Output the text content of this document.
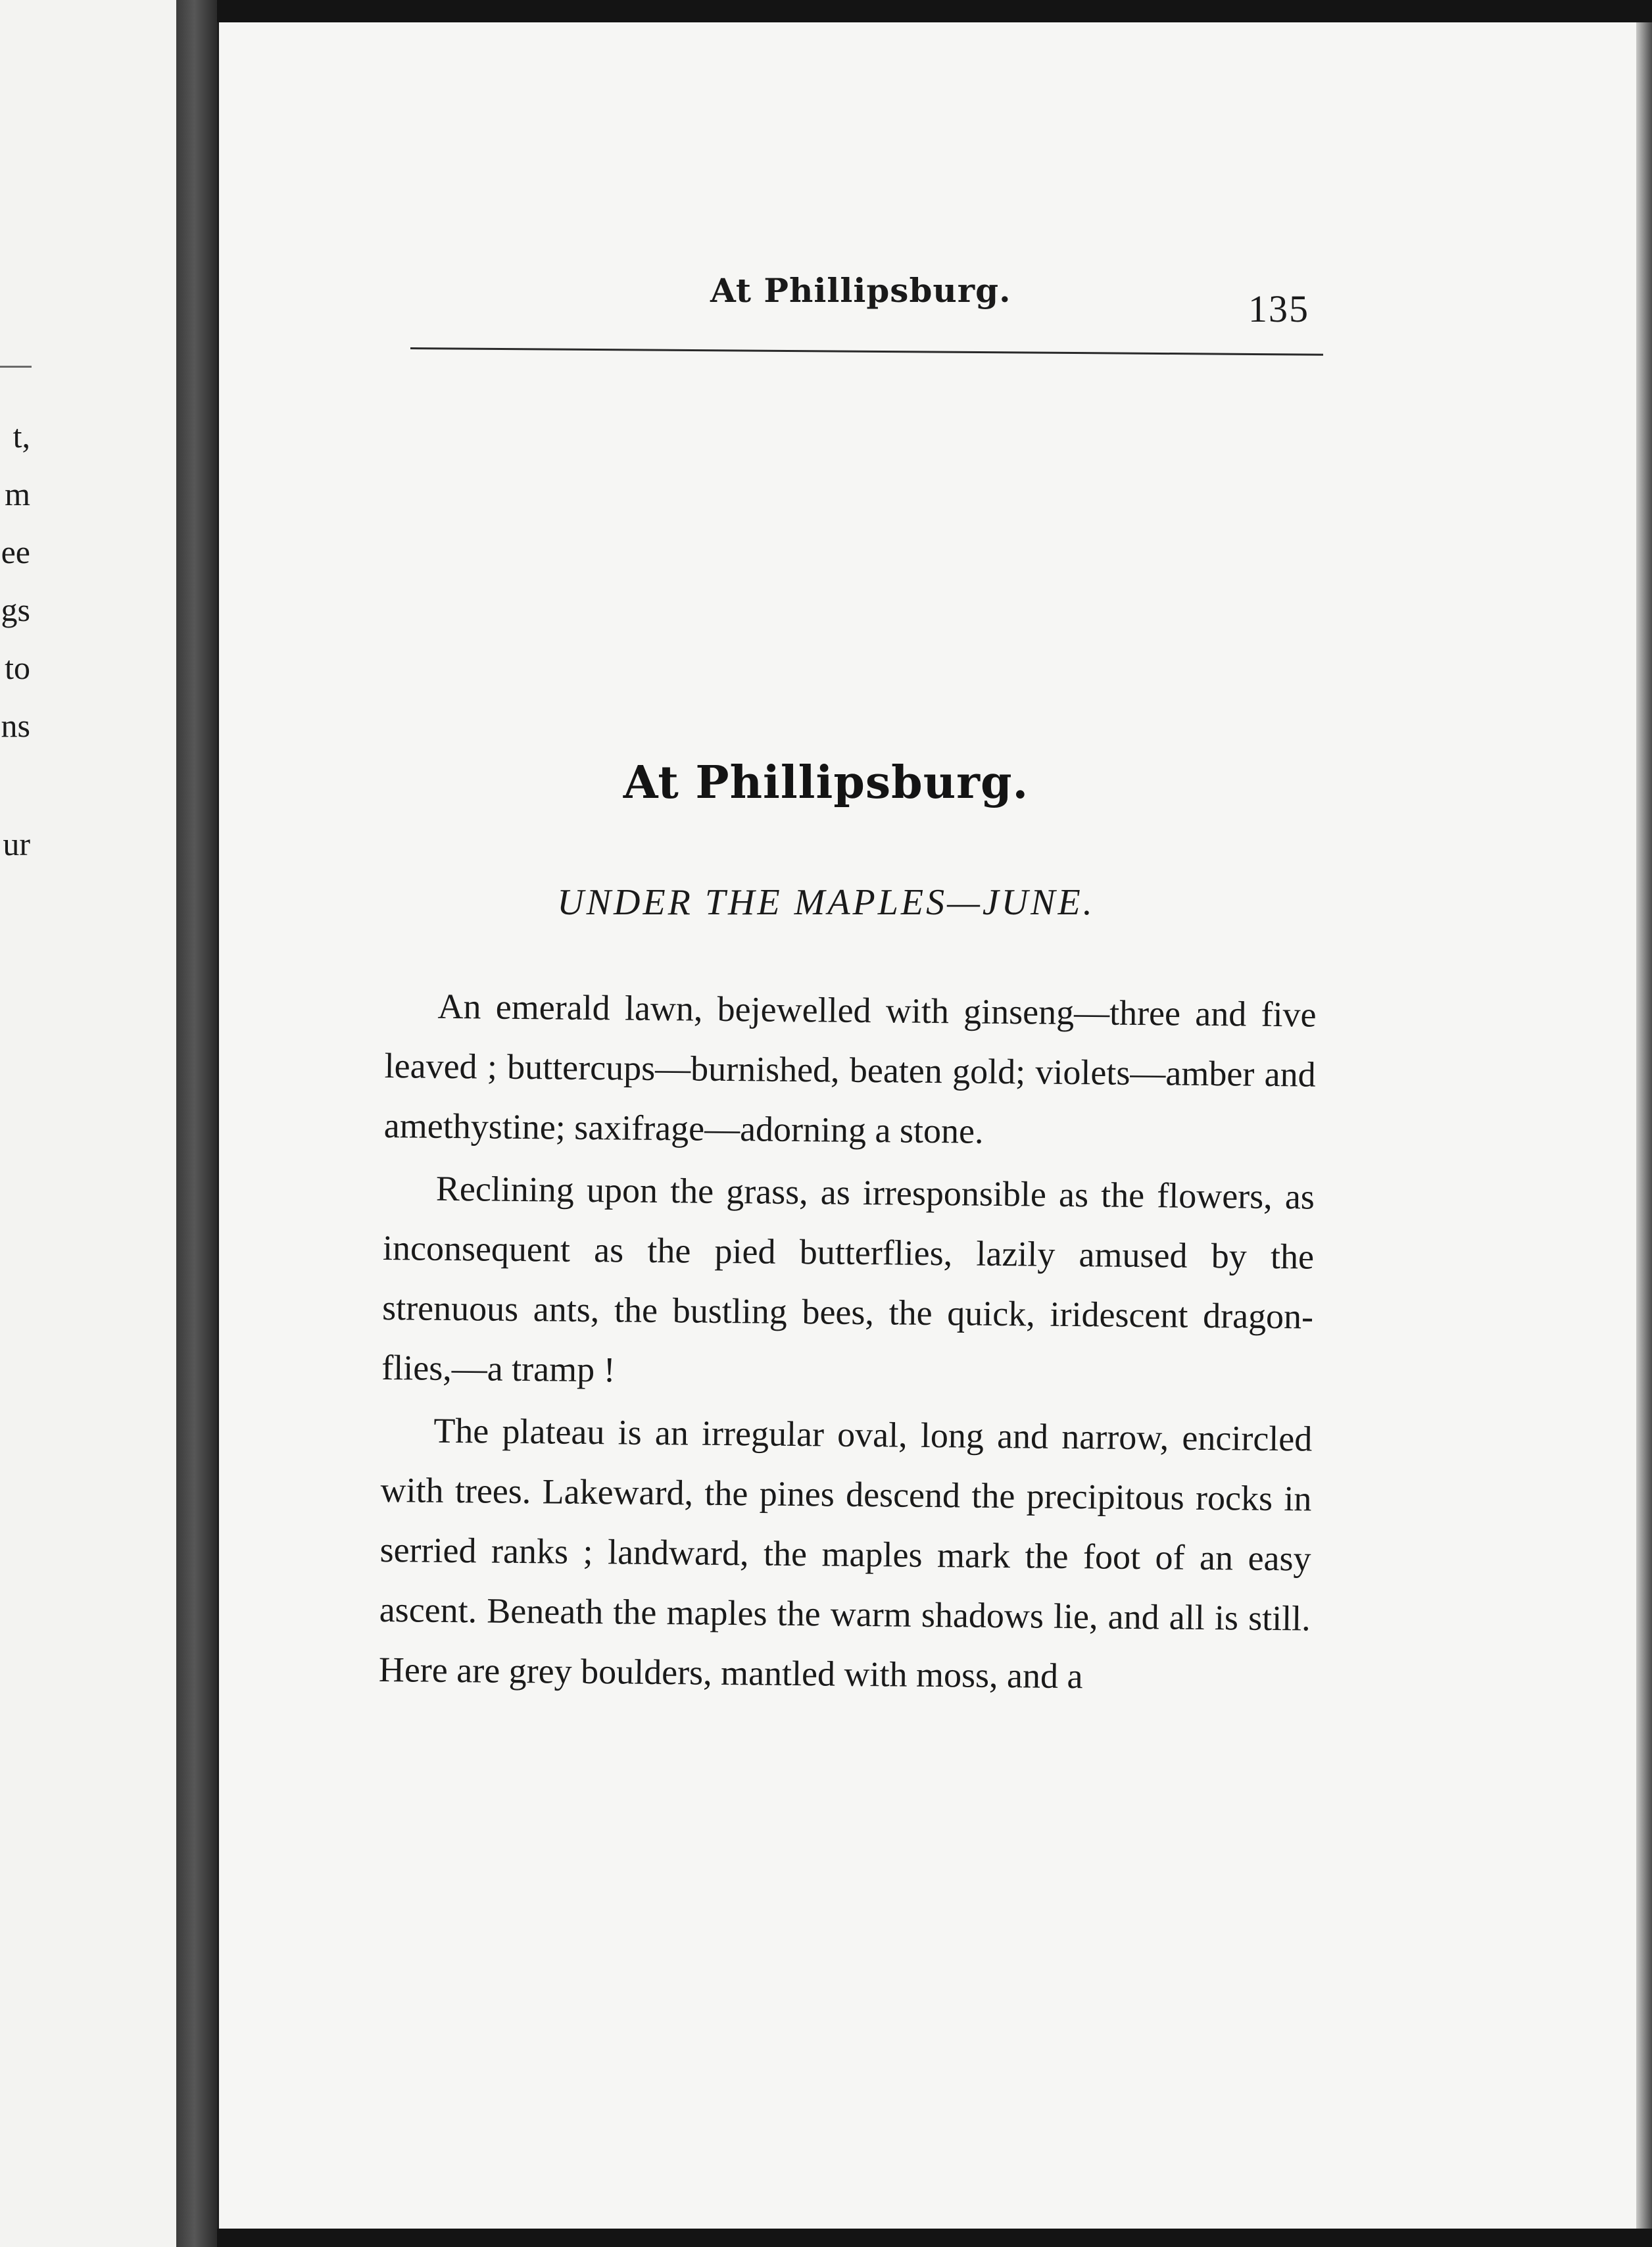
t,
m
ee
gs
to
ns
ur
At Phillipsburg.	135
At Phillipsburg.
UNDER THE MAPLES—JUNE.

An emerald lawn, bejewelled with ginseng—three and five leaved ; buttercups—burnished, beaten gold; violets—amber and amethystine; saxifrage—adorning a stone.

Reclining upon the grass, as irresponsible as the flowers, as inconsequent as the pied butterflies, lazily amused by the strenuous ants, the bustling bees, the quick, iridescent dragon-flies,—a tramp !

The plateau is an irregular oval, long and narrow, encircled with trees. Lakeward, the pines descend the precipitous rocks in serried ranks ; landward, the maples mark the foot of an easy ascent. Beneath the maples the warm shadows lie, and all is still. Here are grey boulders, mantled with moss, and a
